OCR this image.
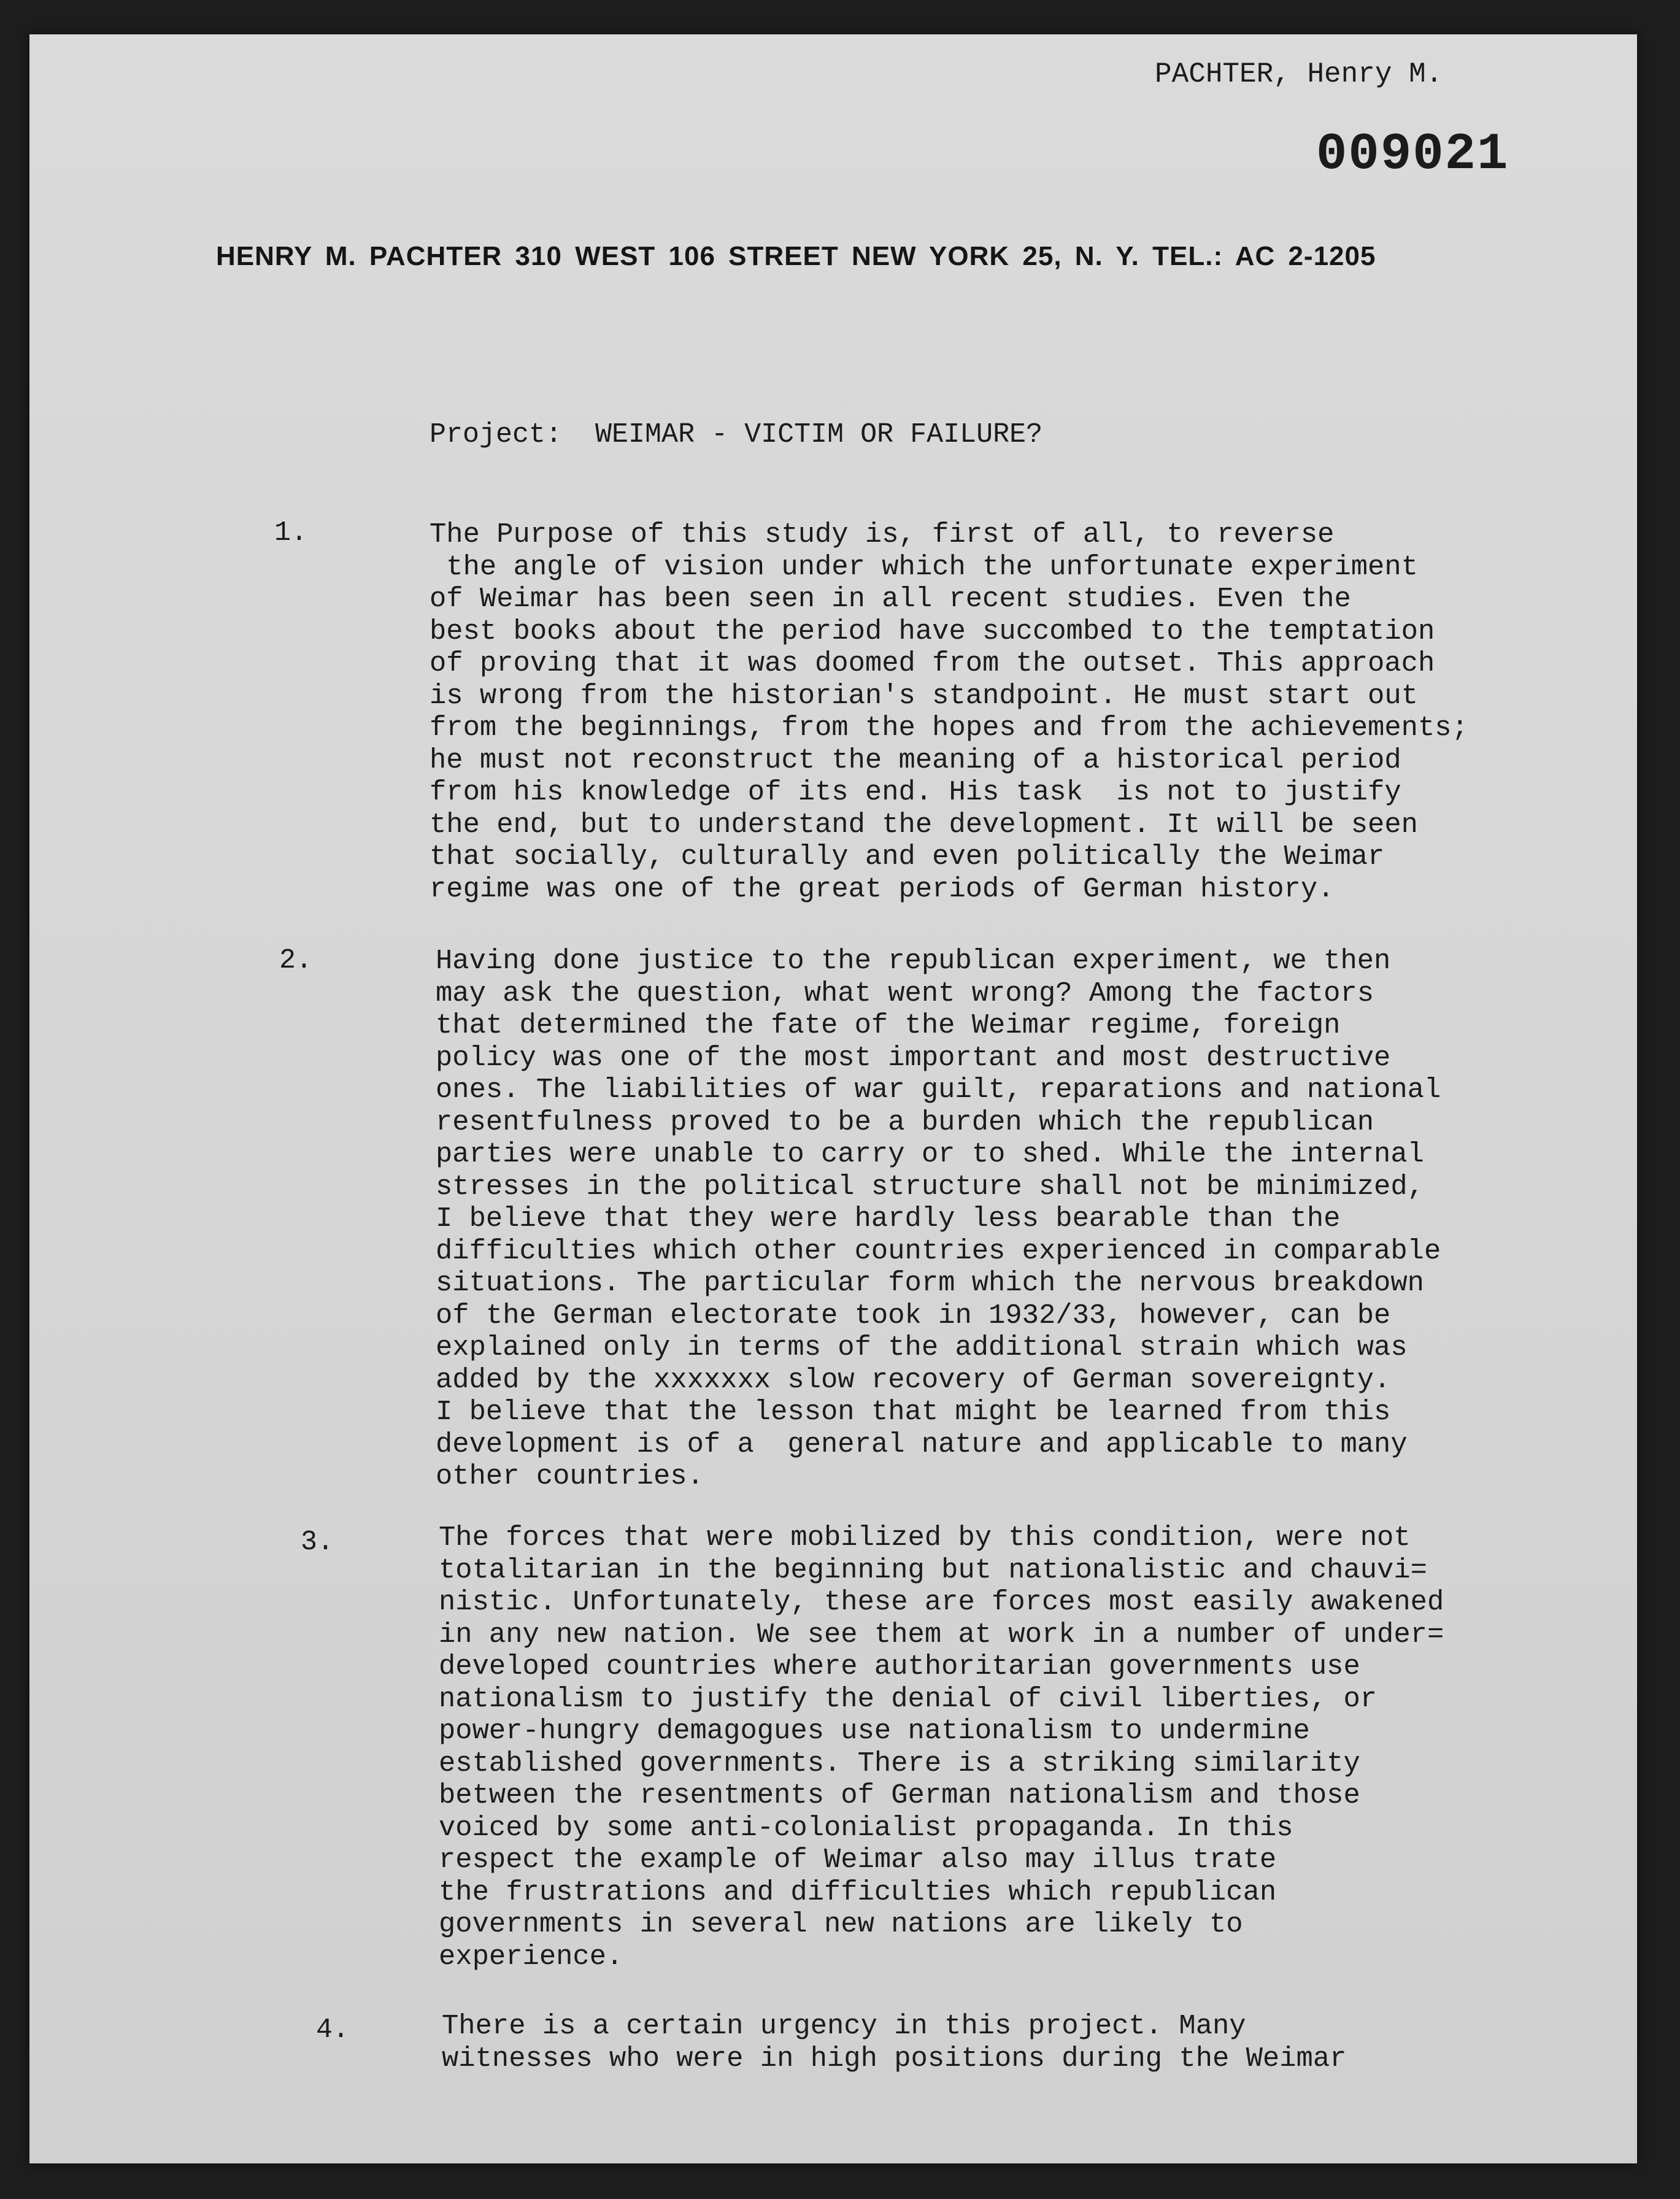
PACHTER, Henry M.
009021
HENRY M. PACHTER 310 WEST 106 STREET NEW YORK 25, N. Y. TEL.: AC 2-1205
Project:  WEIMAR - VICTIM OR FAILURE?
1.	The Purpose of this study is, first of all, to reverse
the angle of vision under which the unfortunate experiment
of Weimar has been seen in all recent studies. Even the
best books about the period have succombed to the temptation
of proving that it was doomed from the outset. This approach
is wrong from the historian's standpoint. He must start out
from the beginnings, from the hopes and from the achievements;
he must not reconstruct the meaning of a historical period
from his knowledge of its end. His task  is not to justify
the end, but to understand the development. It will be seen
that socially, culturally and even politically the Weimar
regime was one of the great periods of German history.
2.	Having done justice to the republican experiment, we then
may ask the question, what went wrong? Among the factors
that determined the fate of the Weimar regime, foreign
policy was one of the most important and most destructive
ones. The liabilities of war guilt, reparations and national
resentfulness proved to be a burden which the republican
parties were unable to carry or to shed. While the internal
stresses in the political structure shall not be minimized,
I believe that they were hardly less bearable than the
difficulties which other countries experienced in comparable
situations. The particular form which the nervous breakdown
of the German electorate took in 1932/33, however, can be
explained only in terms of the additional strain which was
added by the xxxxxxx slow recovery of German sovereignty.
I believe that the lesson that might be learned from this
development is of a  general nature and applicable to many
other countries.
3.	The forces that were mobilized by this condition, were not
totalitarian in the beginning but nationalistic and chauvi=
nistic. Unfortunately, these are forces most easily awakened
in any new nation. We see them at work in a number of under=
developed countries where authoritarian governments use
nationalism to justify the denial of civil liberties, or
power-hungry demagogues use nationalism to undermine
established governments. There is a striking similarity
between the resentments of German nationalism and those
voiced by some anti-colonialist propaganda. In this
respect the example of Weimar also may illus trate
the frustrations and difficulties which republican
governments in several new nations are likely to
experience.
4.	There is a certain urgency in this project. Many
witnesses who were in high positions during the Weimar
